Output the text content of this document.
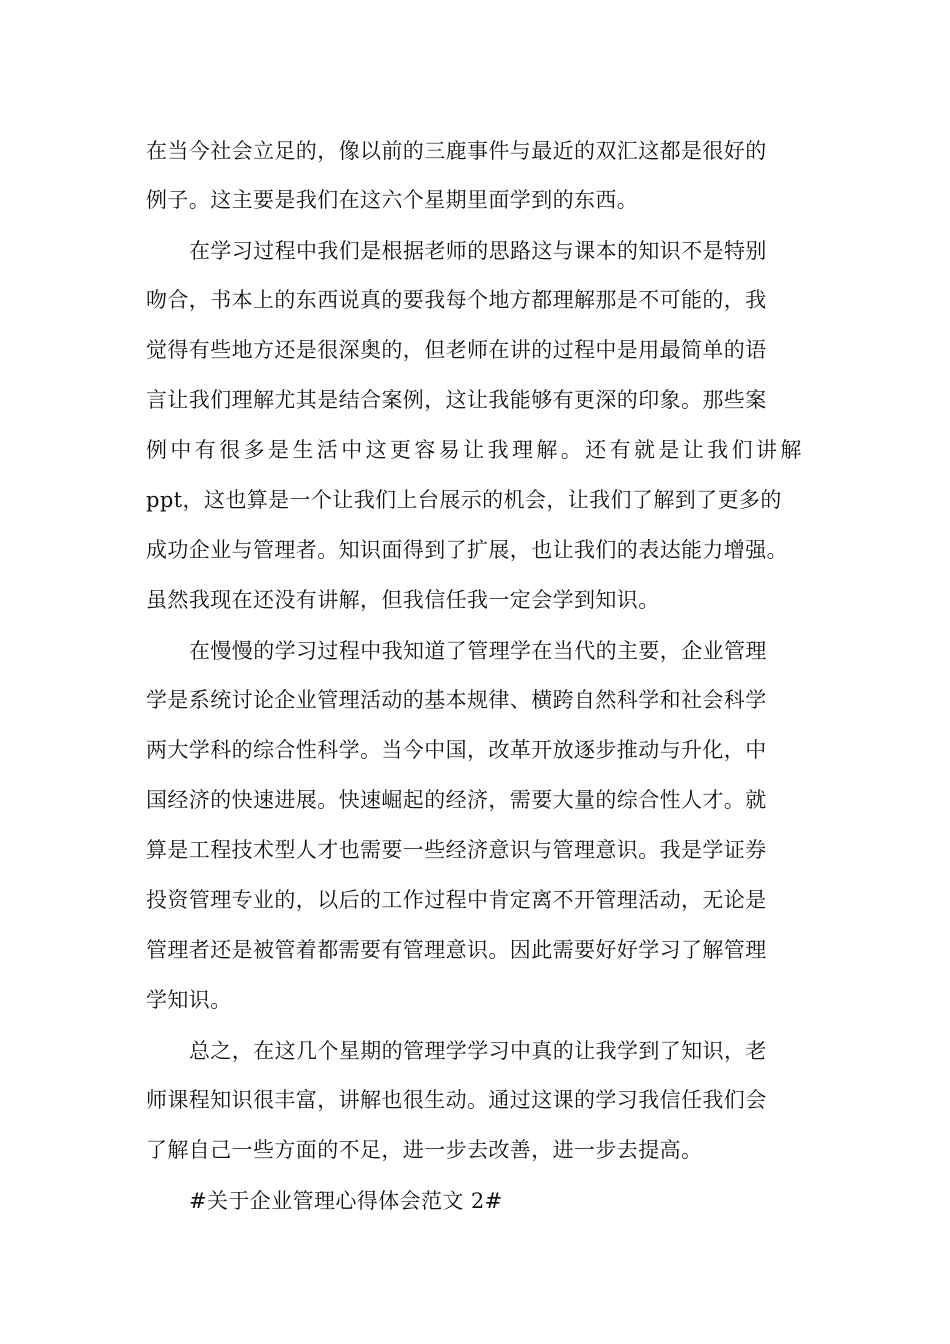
在当今社会立足的，像以前的三鹿事件与最近的双汇这都是很好的
例子。这主要是我们在这六个星期里面学到的东西。
在学习过程中我们是根据老师的思路这与课本的知识不是特别
吻合，书本上的东西说真的要我每个地方都理解那是不可能的，我
觉得有些地方还是很深奥的，但老师在讲的过程中是用最简单的语
言让我们理解尤其是结合案例，这让我能够有更深的印象。那些案
例中有很多是生活中这更容易让我理解。还有就是让我们讲解
ppt，这也算是一个让我们上台展示的机会，让我们了解到了更多的
成功企业与管理者。知识面得到了扩展，也让我们的表达能力增强。
虽然我现在还没有讲解，但我信任我一定会学到知识。
在慢慢的学习过程中我知道了管理学在当代的主要，企业管理
学是系统讨论企业管理活动的基本规律、横跨自然科学和社会科学
两大学科的综合性科学。当今中国，改革开放逐步推动与升化，中
国经济的快速进展。快速崛起的经济，需要大量的综合性人才。就
算是工程技术型人才也需要一些经济意识与管理意识。我是学证券
投资管理专业的，以后的工作过程中肯定离不开管理活动，无论是
管理者还是被管着都需要有管理意识。因此需要好好学习了解管理
学知识。
总之，在这几个星期的管理学学习中真的让我学到了知识，老
师课程知识很丰富，讲解也很生动。通过这课的学习我信任我们会
了解自己一些方面的不足，进一步去改善，进一步去提高。
#关于企业管理心得体会范文 2#
